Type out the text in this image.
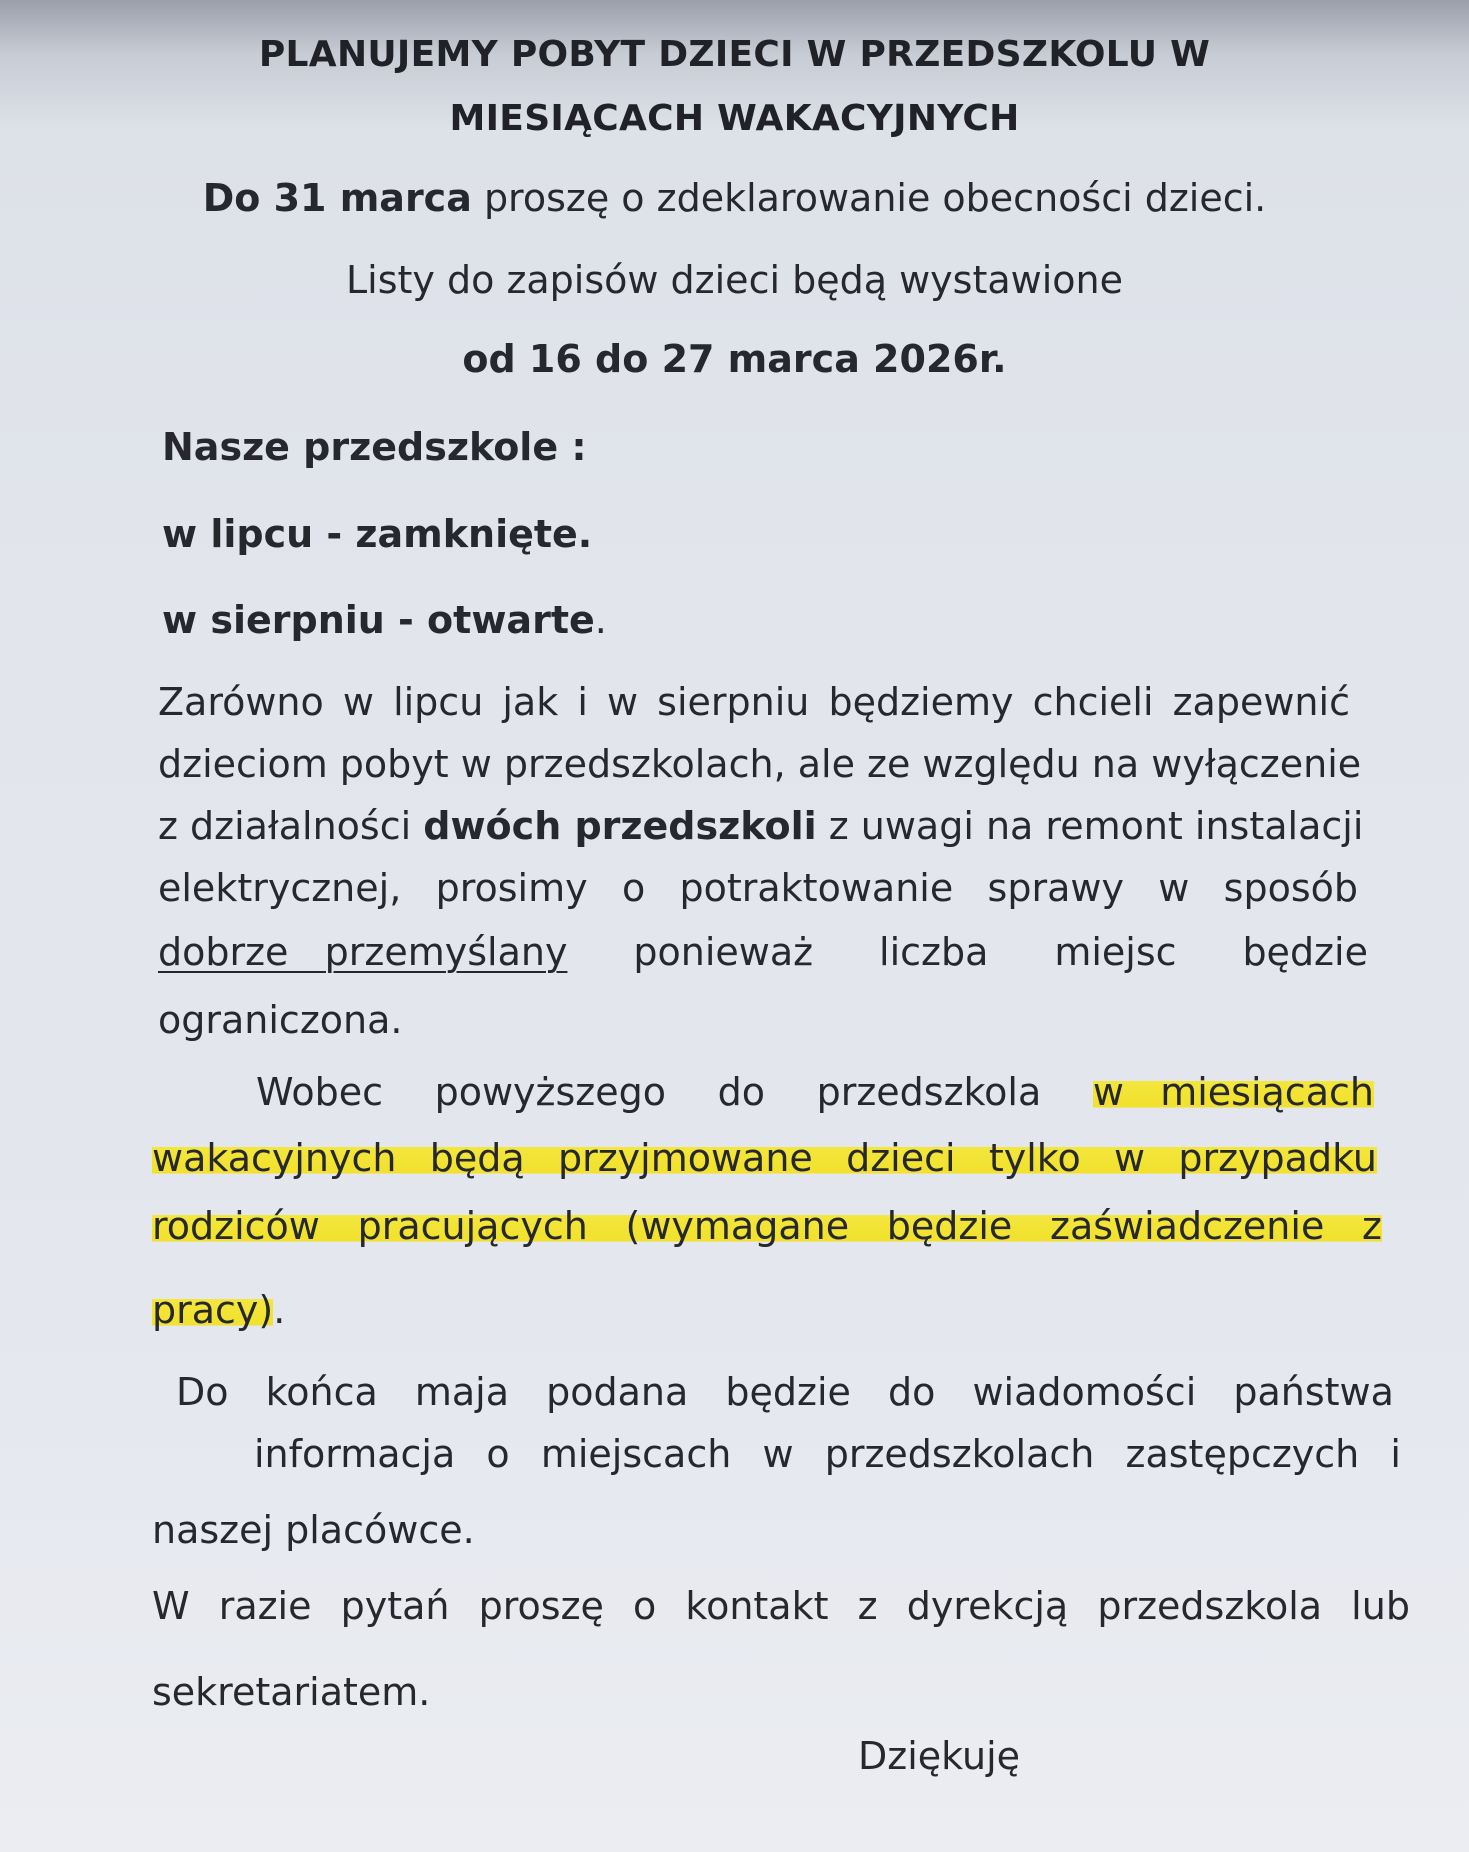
PLANUJEMY POBYT DZIECI W PRZEDSZKOLU W
MIESIĄCACH WAKACYJNYCH
Do 31 marca proszę o zdeklarowanie obecności dzieci.
Listy do zapisów dzieci będą wystawione
od 16 do 27 marca 2026r.
Nasze przedszkole :
w lipcu - zamknięte.
w sierpniu - otwarte.
Zarówno w lipcu jak i w sierpniu będziemy chcieli zapewnić
dzieciom pobyt w przedszkolach, ale ze względu na wyłączenie
z działalności dwóch przedszkoli z uwagi na remont instalacji
elektrycznej, prosimy o potraktowanie sprawy w sposób
dobrze   przemyślany ponieważ liczba miejsc będzie
ograniczona.
Wobec powyższego do przedszkola w   miesiącach
wakacyjnych będą przyjmowane dzieci tylko w przypadku
rodziców pracujących (wymagane będzie zaświadczenie z
pracy).
Do końca maja podana będzie do wiadomości państwa
informacja o miejscach w przedszkolach zastępczych i
naszej placówce.
W razie pytań proszę o kontakt z dyrekcją przedszkola lub
sekretariatem.
Dziękuję
